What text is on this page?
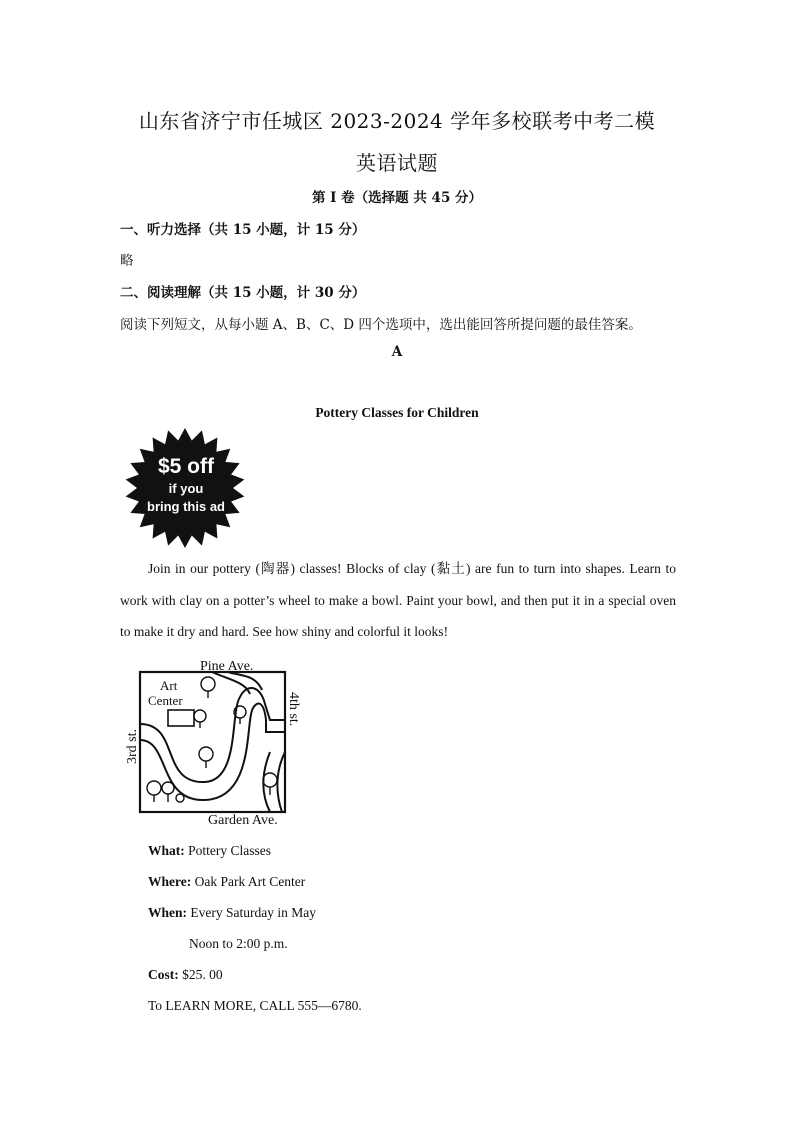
山东省济宁市任城区 2023-2024 学年多校联考中考二模
英语试题
第 I 卷（选择题 共 45 分）
一、听力选择（共 15 小题，计 15 分）
略
二、阅读理解（共 15 小题，计 30 分）
阅读下列短文，从每小题 A、B、C、D 四个选项中，选出能回答所提问题的最佳答案。
A
Pottery Classes for Children
$5 off
if you
bring this ad
Join in our pottery (陶器) classes! Blocks of clay (黏土) are fun to turn into shapes. Learn to work with clay on a potter’s wheel to make a bowl. Paint your bowl, and then put it in a special oven to make it dry and hard. See how shiny and colorful it looks!
Pine Ave.
Garden Ave.
3rd st.
4th st.
Art
Center
What: Pottery Classes
Where: Oak Park Art Center
When: Every Saturday in May
Noon to 2:00 p.m.
Cost: $25. 00
To LEARN MORE, CALL 555—6780.
